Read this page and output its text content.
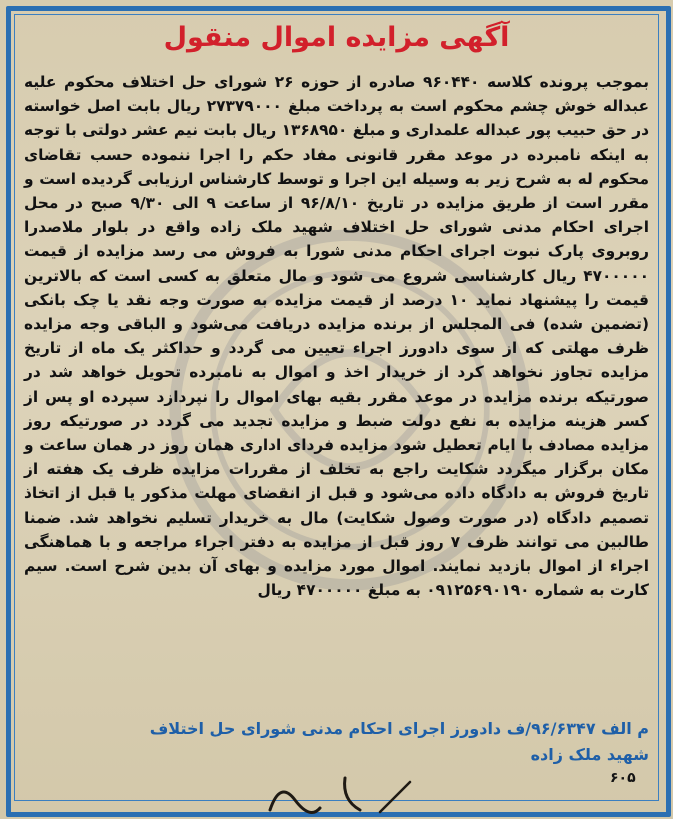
آگهی مزایده اموال منقول

بموجب پرونده کلاسه ۹۶۰۴۴۰ صادره از حوزه ۲۶ شورای حل اختلاف محکوم علیه عبداله خوش چشم محکوم است به پرداخت مبلغ ۲۷۳۷۹۰۰۰ ریال بابت اصل خواسته در حق حبیب پور عبداله علمداری و مبلغ ۱۳۶۸۹۵۰ ریال بابت نیم عشر دولتی با توجه به اینکه نامبرده در موعد مقرر قانونی مفاد حکم را اجرا ننموده حسب تقاضای محکوم له به شرح زیر به وسیله این اجرا و توسط کارشناس ارزیابی گردیده است و مقرر است از طریق مزایده در تاریخ ۹۶/۸/۱۰ از ساعت ۹ الی ۹/۳۰ صبح در محل اجرای احکام مدنی شورای حل اختلاف شهید ملک زاده واقع در بلوار ملاصدرا روبروی پارک نبوت اجرای احکام مدنی شورا به فروش می رسد مزایده از قیمت ۴۷۰۰۰۰۰ ریال کارشناسی شروع می شود و مال متعلق به کسی است که بالاترین قیمت را پیشنهاد نماید ۱۰ درصد از قیمت مزایده به صورت وجه نقد یا چک بانکی (تضمین شده) فی المجلس از برنده مزایده دریافت می‌شود و الباقی وجه مزایده ظرف مهلتی که از سوی دادورز اجراء تعیین می گردد و حداکثر یک ماه از تاریخ مزایده تجاوز نخواهد کرد از خریدار اخذ و اموال به نامبرده تحویل خواهد شد در صورتیکه برنده مزایده در موعد مقرر بقیه بهای اموال را نپردازد سپرده او پس از کسر هزینه مزایده به نفع دولت ضبط و مزایده تجدید می گردد در صورتیکه روز مزایده مصادف با ایام تعطیل شود مزایده فردای اداری همان روز در همان ساعت و مکان برگزار میگردد شکایت راجع به تخلف از مقررات مزایده ظرف یک هفته از تاریخ فروش به دادگاه داده می‌شود و قبل از انقضای مهلت مذکور یا قبل از اتخاذ تصمیم دادگاه (در صورت وصول شکایت) مال به خریدار تسلیم نخواهد شد. ضمنا طالبین می توانند ظرف ۷ روز قبل از مزایده به دفتر اجراء مراجعه و با هماهنگی اجراء از اموال بازدید نمایند. اموال مورد مزایده و بهای آن بدین شرح است. سیم کارت به شماره ۰۹۱۲۵۶۹۰۱۹۰ به مبلغ ۴۷۰۰۰۰۰ ریال

م الف ۹۶/۶۳۴۷/ف دادورز اجرای احکام مدنی شورای حل اختلاف

شهید ملک زاده

۶۰۵
